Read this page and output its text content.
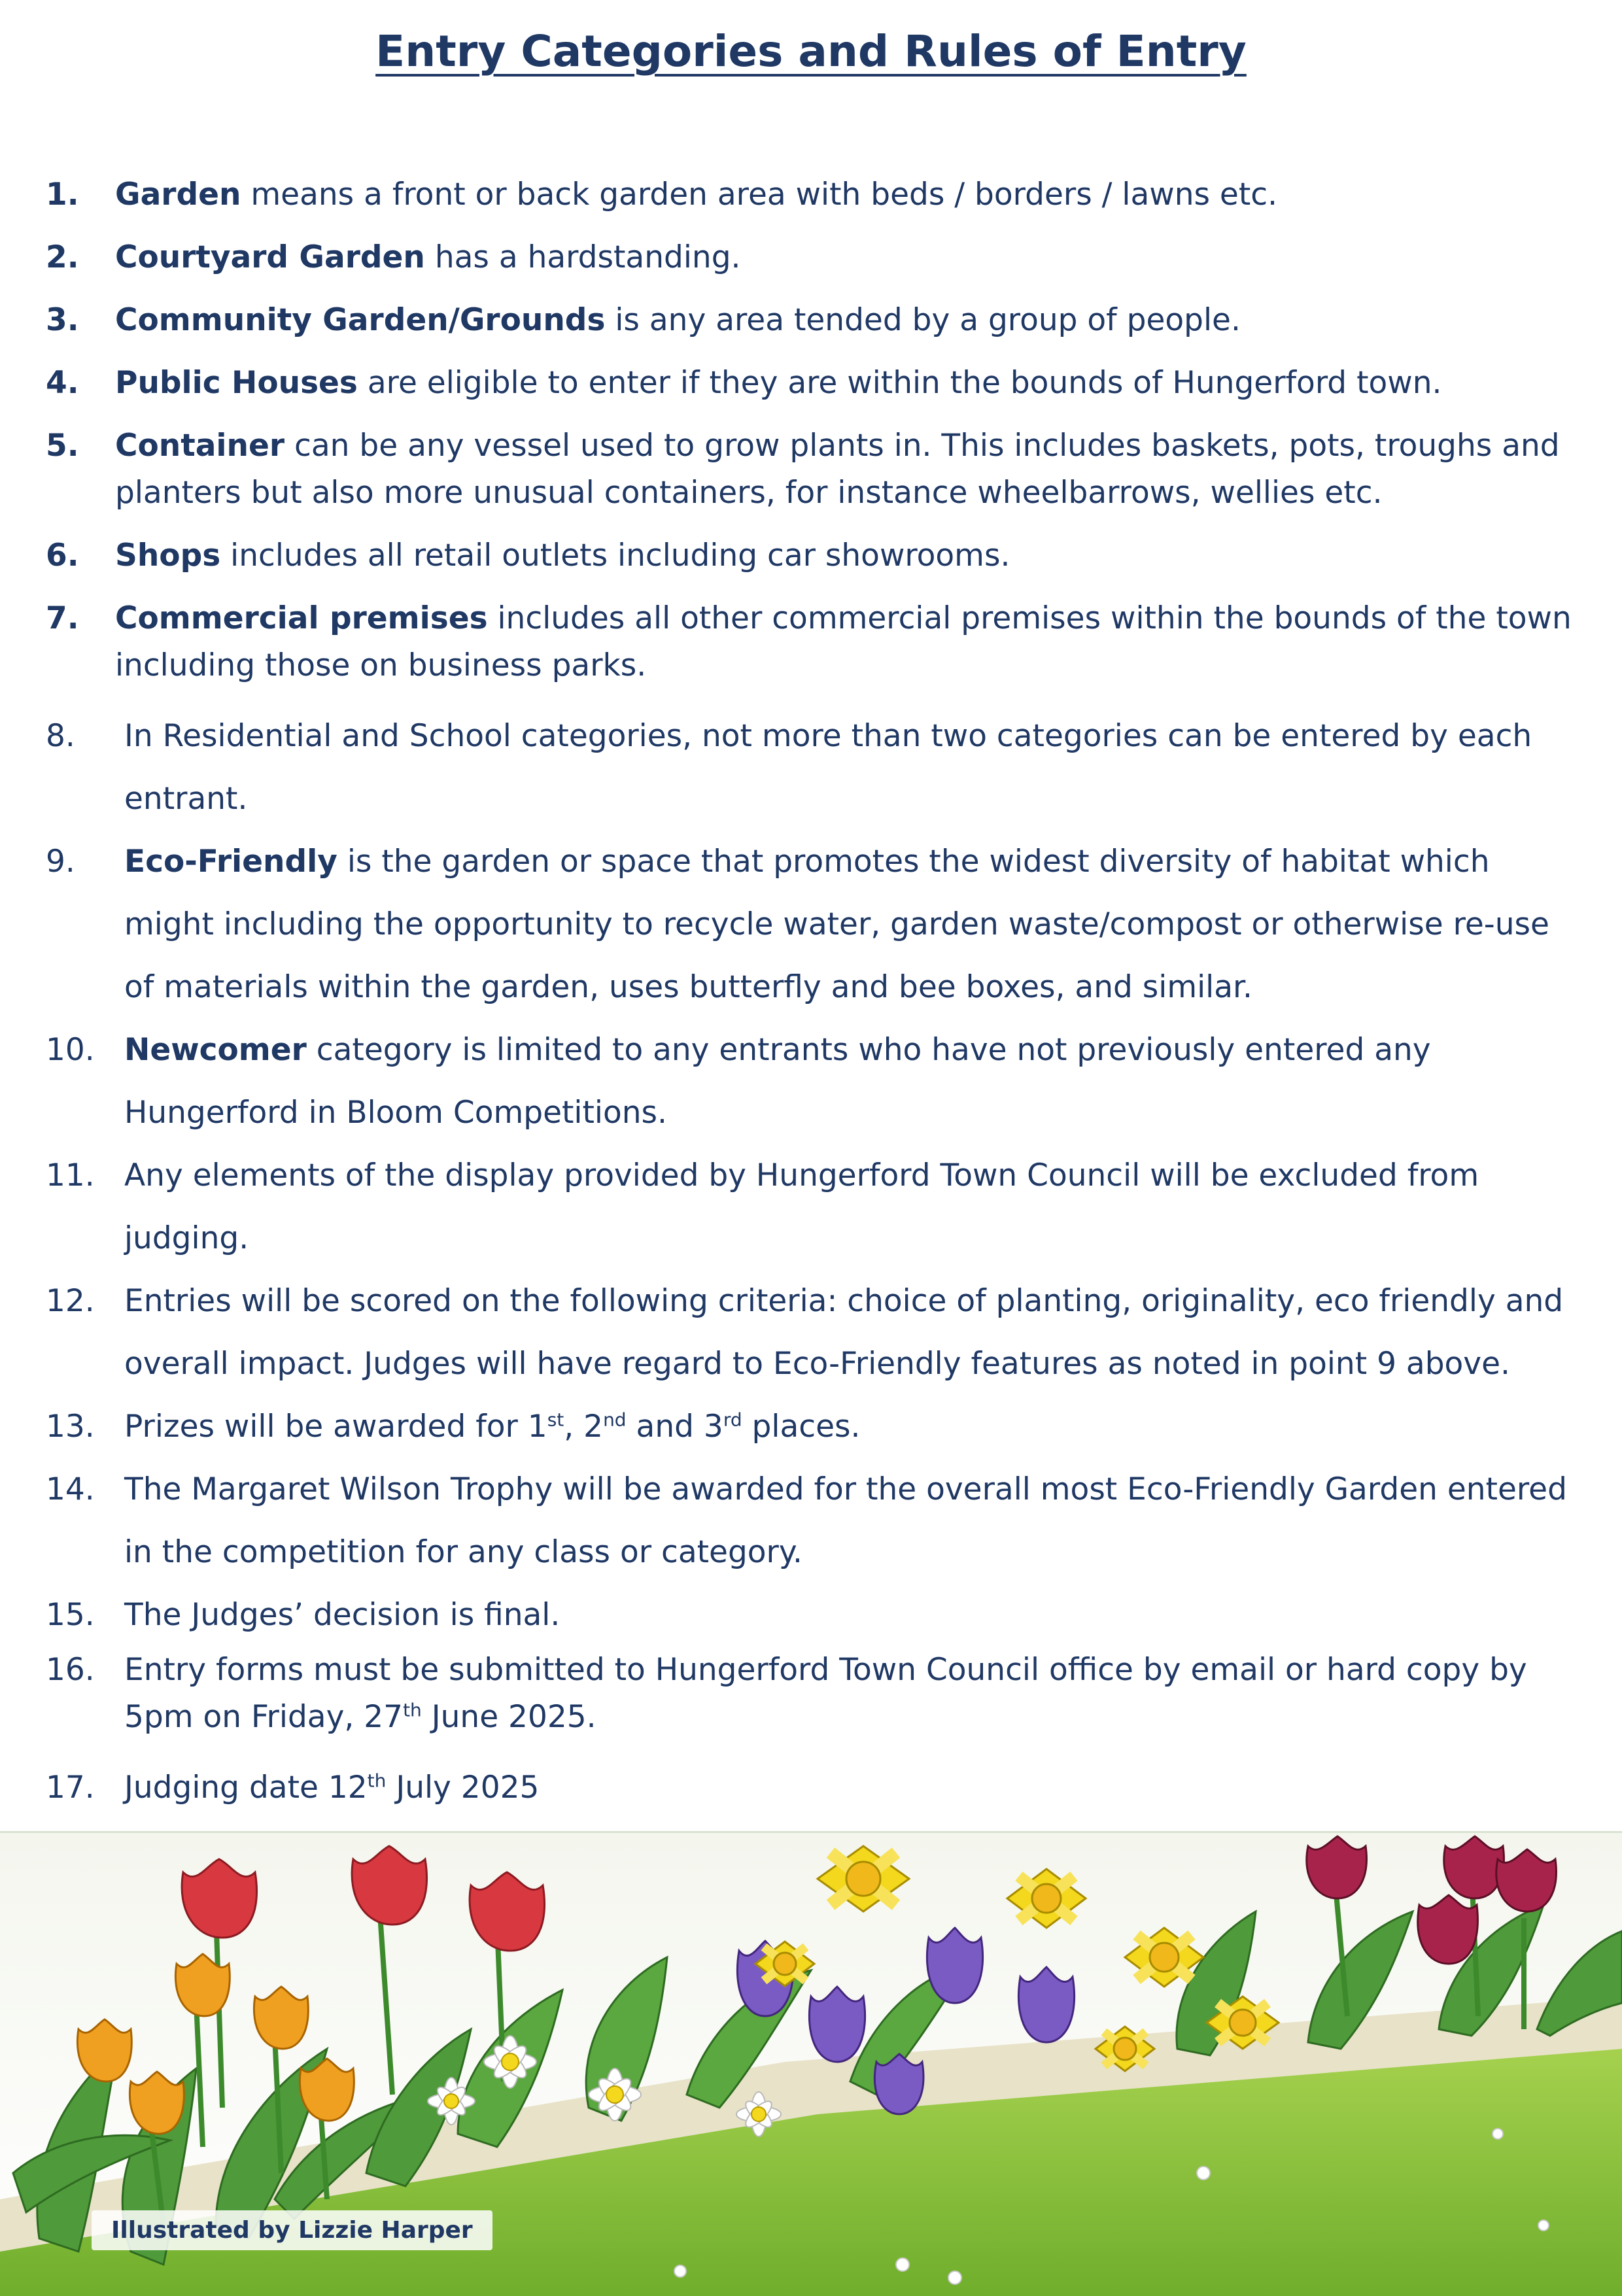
Entry Categories and Rules of Entry
1. Garden means a front or back garden area with beds / borders / lawns etc.
2. Courtyard Garden has a hardstanding.
3. Community Garden/Grounds is any area tended by a group of people.
4. Public Houses are eligible to enter if they are within the bounds of Hungerford town.
5. Container can be any vessel used to grow plants in. This includes baskets, pots, troughs and planters but also more unusual containers, for instance wheelbarrows, wellies etc.
6. Shops includes all retail outlets including car showrooms.
7. Commercial premises includes all other commercial premises within the bounds of the town including those on business parks.
8. In Residential and School categories, not more than two categories can be entered by each entrant.
9. Eco-Friendly is the garden or space that promotes the widest diversity of habitat which might including the opportunity to recycle water, garden waste/compost or otherwise re-use of materials within the garden, uses butterfly and bee boxes, and similar.
10. Newcomer category is limited to any entrants who have not previously entered any Hungerford in Bloom Competitions.
11. Any elements of the display provided by Hungerford Town Council will be excluded from judging.
12. Entries will be scored on the following criteria: choice of planting, originality, eco friendly and overall impact. Judges will have regard to Eco-Friendly features as noted in point 9 above.
13. Prizes will be awarded for 1st, 2nd and 3rd places.
14. The Margaret Wilson Trophy will be awarded for the overall most Eco-Friendly Garden entered in the competition for any class or category.
15. The Judges’ decision is final.
16. Entry forms must be submitted to Hungerford Town Council office by email or hard copy by 5pm on Friday, 27th June 2025.
17. Judging date 12th July 2025
Illustrated by Lizzie Harper
